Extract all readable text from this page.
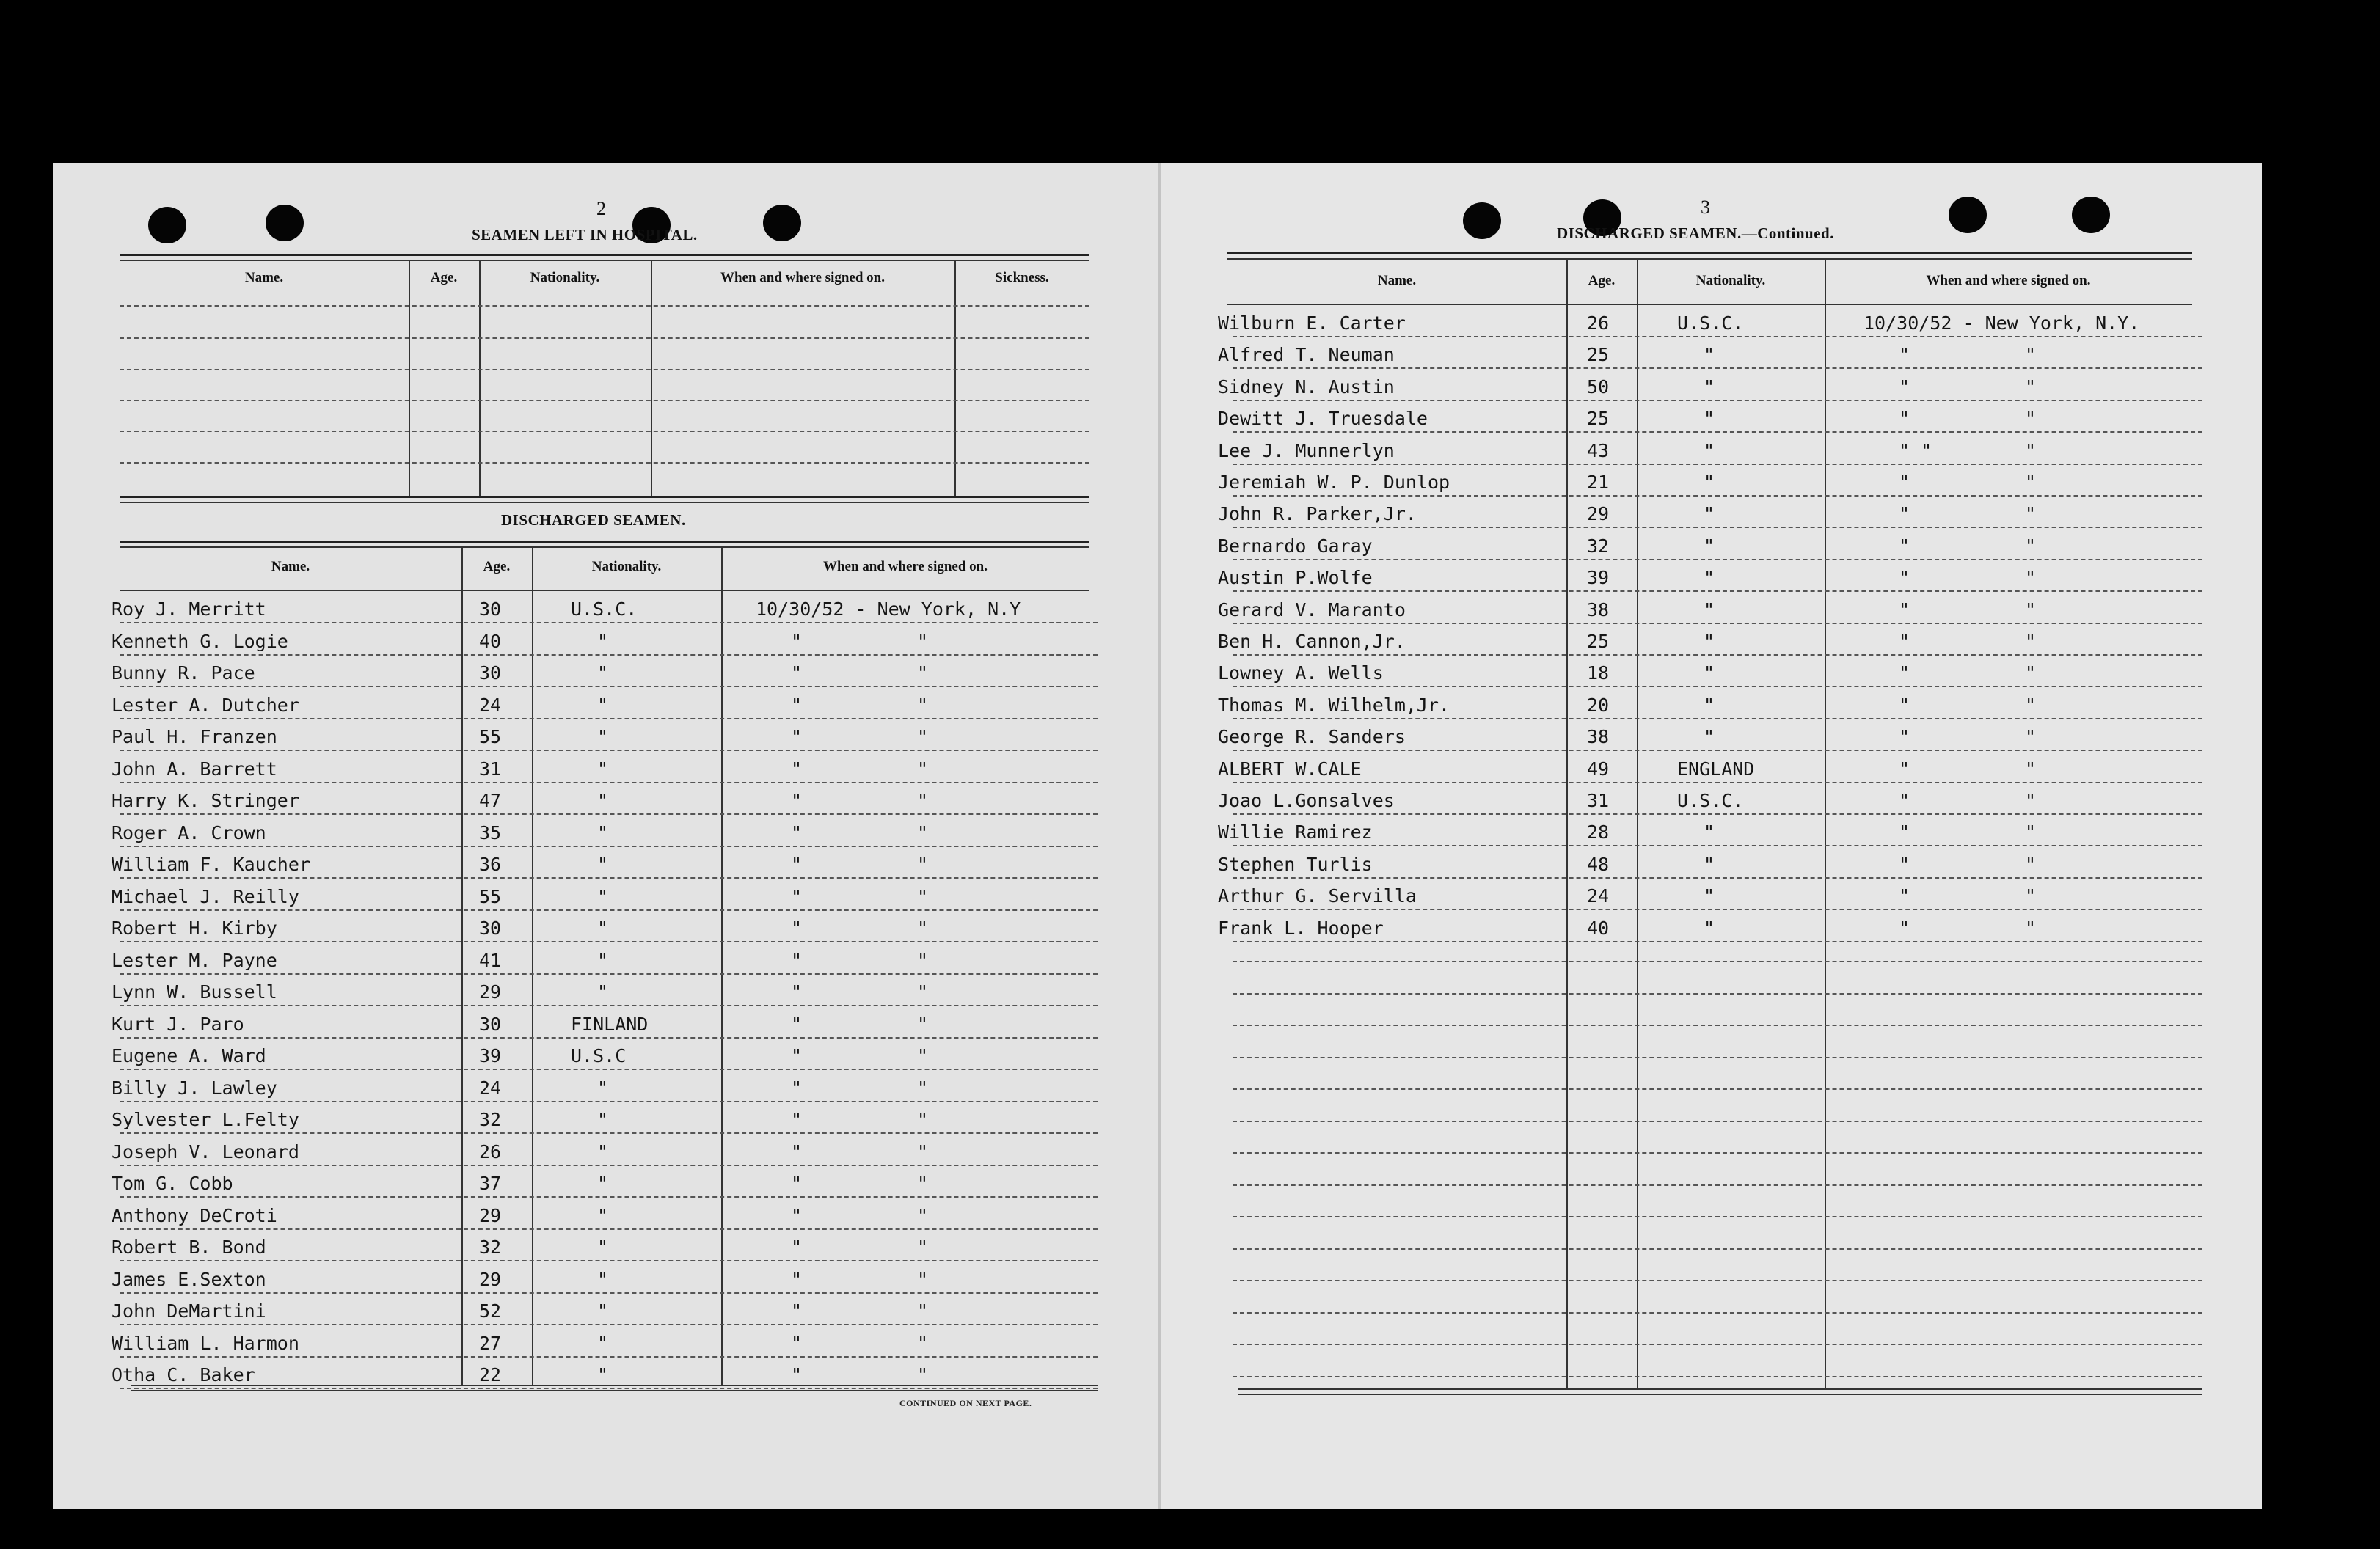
2
SEAMEN LEFT IN HOSPITAL.
Name.	Age.	Nationality.	When and where signed on.	Sickness.
DISCHARGED SEAMEN.
Name.	Age.	Nationality.	When and where signed on.
Roy J. Merritt	30	U.S.C.	10/30/52 - New York, N.Y
Kenneth G. Logie	40	"	"	"
Bunny R. Pace	30	"	"	"
Lester A. Dutcher	24	"	"	"
Paul H. Franzen	55	"	"	"
John A. Barrett	31	"	"	"
Harry K. Stringer	47	"	"	"
Roger A. Crown	35	"	"	"
William F. Kaucher	36	"	"	"
Michael J. Reilly	55	"	"	"
Robert H. Kirby	30	"	"	"
Lester M. Payne	41	"	"	"
Lynn W. Bussell	29	"	"	"
Kurt J. Paro	30	FINLAND	"	"
Eugene A. Ward	39	U.S.C	"	"
Billy J. Lawley	24	"	"	"
Sylvester L.Felty	32	"	"	"
Joseph V. Leonard	26	"	"	"
Tom G. Cobb	37	"	"	"
Anthony DeCroti	29	"	"	"
Robert B. Bond	32	"	"	"
James E.Sexton	29	"	"	"
John DeMartini	52	"	"	"
William L. Harmon	27	"	"	"
Otha C. Baker	22	"	"	"
CONTINUED ON NEXT PAGE.
3
DISCHARGED SEAMEN.—Continued.
Name.	Age.	Nationality.	When and where signed on.
Wilburn E. Carter	26	U.S.C.	10/30/52 - New York, N.Y.
Alfred T. Neuman	25	"	"	"
Sidney N. Austin	50	"	"	"
Dewitt J. Truesdale	25	"	"	"
Lee J. Munnerlyn	43	"	" "	"
Jeremiah W. P. Dunlop	21	"	"	"
John R. Parker,Jr.	29	"	"	"
Bernardo Garay	32	"	"	"
Austin P.Wolfe	39	"	"	"
Gerard V. Maranto	38	"	"	"
Ben H. Cannon,Jr.	25	"	"	"
Lowney A. Wells	18	"	"	"
Thomas M. Wilhelm,Jr.	20	"	"	"
George R. Sanders	38	"	"	"
ALBERT W.CALE	49	ENGLAND	"	"
Joao L.Gonsalves	31	U.S.C.	"	"
Willie Ramirez	28	"	"	"
Stephen Turlis	48	"	"	"
Arthur G. Servilla	24	"	"	"
Frank L. Hooper	40	"	"	"
